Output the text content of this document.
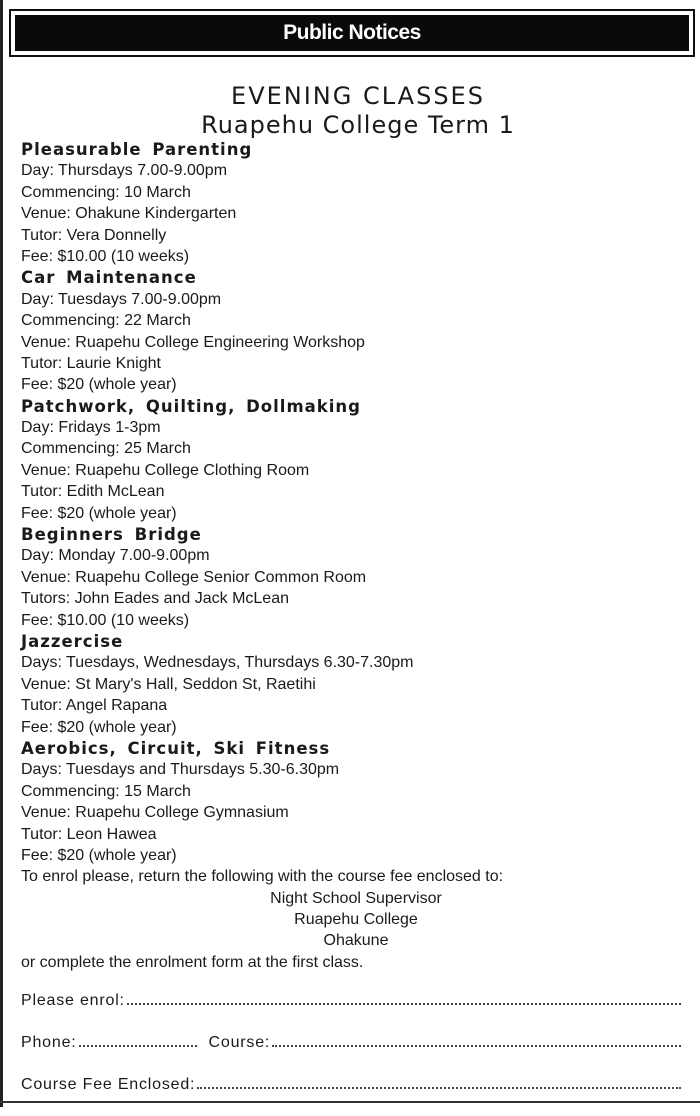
Public Notices
EVENING CLASSES
Ruapehu College Term 1
Pleasurable Parenting
Day: Thursdays 7.00-9.00pm
Commencing: 10 March
Venue: Ohakune Kindergarten
Tutor: Vera Donnelly
Fee: $10.00 (10 weeks)
Car Maintenance
Day: Tuesdays 7.00-9.00pm
Commencing: 22 March
Venue: Ruapehu College Engineering Workshop
Tutor: Laurie Knight
Fee: $20 (whole year)
Patchwork, Quilting, Dollmaking
Day: Fridays 1-3pm
Commencing: 25 March
Venue: Ruapehu College Clothing Room
Tutor: Edith McLean
Fee: $20 (whole year)
Beginners Bridge
Day: Monday 7.00-9.00pm
Venue: Ruapehu College Senior Common Room
Tutors: John Eades and Jack McLean
Fee: $10.00 (10 weeks)
Jazzercise
Days: Tuesdays, Wednesdays, Thursdays 6.30-7.30pm
Venue: St Mary's Hall, Seddon St, Raetihi
Tutor: Angel Rapana
Fee: $20 (whole year)
Aerobics, Circuit, Ski Fitness
Days: Tuesdays and Thursdays 5.30-6.30pm
Commencing: 15 March
Venue: Ruapehu College Gymnasium
Tutor: Leon Hawea
Fee: $20 (whole year)
To enrol please, return the following with the course fee enclosed to:
Night School Supervisor
Ruapehu College
Ohakune
or complete the enrolment form at the first class.
Please enrol:
Phone:	Course:
Course Fee Enclosed:
